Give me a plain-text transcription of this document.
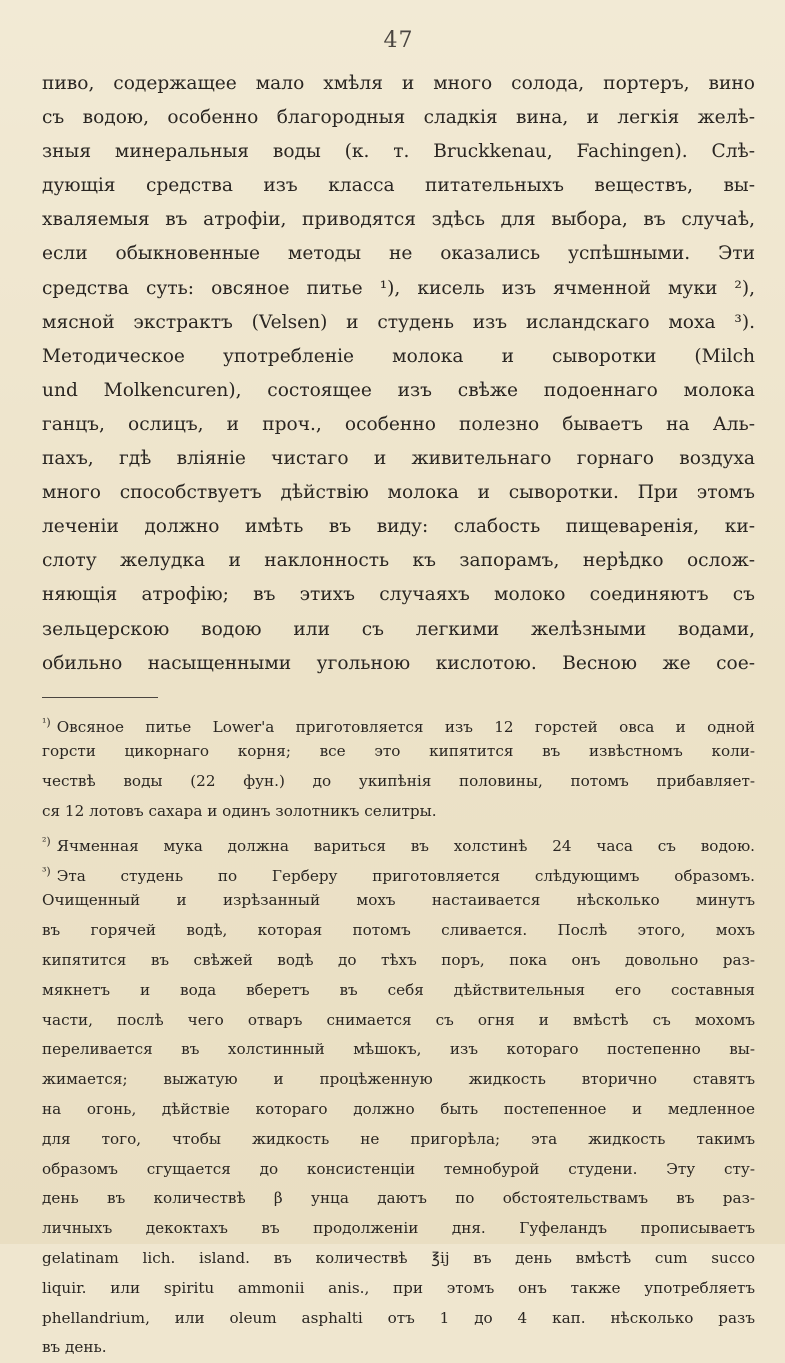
47
пиво, содержащее мало хмѣля и много солода, портеръ, вино
съ водою, особенно благородныя сладкія вина, и легкія желѣ-
зныя минеральныя воды (к. т. Bruckkenau, Fachingen). Слѣ-
дующія средства изъ класса питательныхъ веществъ, вы-
хваляемыя въ атрофіи, приводятся здѣсь для выбора, въ случаѣ,
если обыкновенные методы не оказались успѣшными. Эти
средства суть: овсяное питье ¹), кисель изъ ячменной муки ²),
мясной экстрактъ (Velsen) и студень изъ исландскаго моха ³).
Методическое употребленіе молока и сыворотки (Milch
und Molkencuren), состоящее изъ свѣже подоеннаго молока
ганцъ, ослицъ, и проч., особенно полезно бываетъ на Аль-
пахъ, гдѣ вліяніе чистаго и живительнаго горнаго воздуха
много способствуетъ дѣйствію молока и сыворотки. При этомъ
леченіи должно имѣть въ виду: слабость пищеваренія, ки-
слоту желудка и наклонность къ запорамъ, нерѣдко ослож-
няющія атрофію; въ этихъ случаяхъ молоко соединяютъ съ
зельцерскою водою или съ легкими желѣзными водами,
обильно насыщенными угольною кислотою. Весною же сое-
$^{^1)}$ Овсяное питье Lower'а приготовляется изъ 12 горстей овса и одной
горсти цикорнаго корня; все это кипятится въ извѣстномъ коли-
чествѣ воды (22 фун.) до укипѣнія половины, потомъ прибавляет-
ся 12 лотовъ сахара и одинъ золотникъ селитры.
$^{^2)}$ Ячменная мука должна вариться въ холстинѣ 24 часа съ водою.
$^{^3)}$ Эта студень по Герберу приготовляется слѣдующимъ образомъ.
Очищенный и изрѣзанный мохъ настаивается нѣсколько минутъ
въ горячей водѣ, которая потомъ сливается. Послѣ этого, мохъ
кипятится въ свѣжей водѣ до тѣхъ поръ, пока онъ довольно раз-
мякнетъ и вода вберетъ въ себя дѣйствительныя его составныя
части, послѣ чего отваръ снимается съ огня и вмѣстѣ съ мохомъ
переливается въ холстинный мѣшокъ, изъ котораго постепенно вы-
жимается; выжатую и процѣженную жидкость вторично ставятъ
на огонь, дѣйствіе котораго должно быть постепенное и медленное
для того, чтобы жидкость не пригорѣла; эта жидкость такимъ
образомъ сгущается до консистенціи темнобурой студени. Эту сту-
день въ количествѣ β унца даютъ по обстоятельствамъ въ раз-
личныхъ декоктахъ въ продолженіи дня. Гуфеландъ прописываетъ
gelatinam lich. island. въ количествѣ ℥ij въ день вмѣстѣ cum succo
liquir. или spiritu ammonii anis., при этомъ онъ также употребляетъ
phellandrium, или oleum asphalti отъ 1 до 4 кап. нѣсколько разъ
въ день.
